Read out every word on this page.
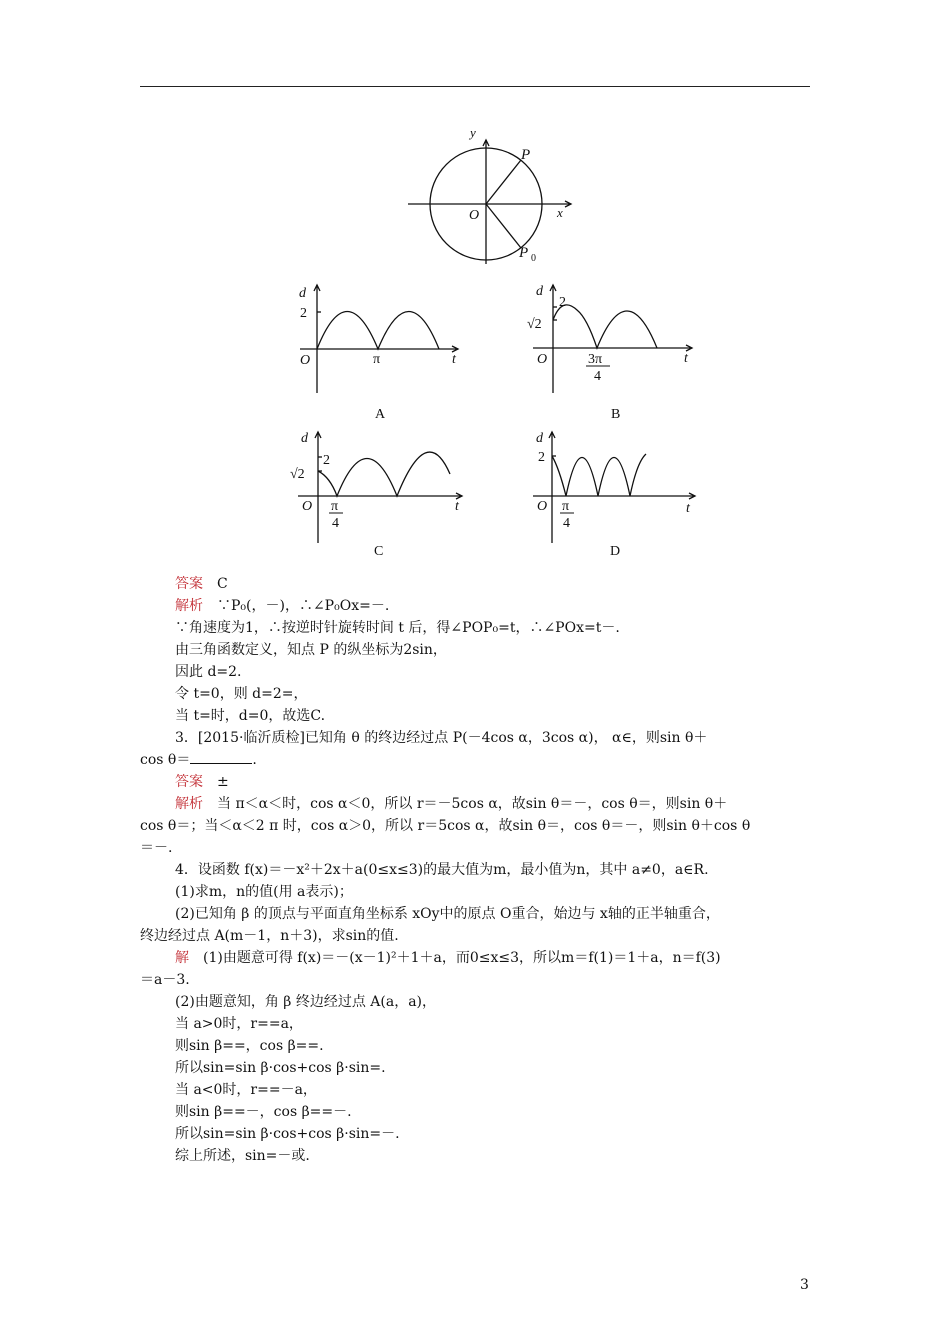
y
x
O
P
P 0
d
2
O	π	t
A
d
2
√2
O	3π
4
t
B
d
2
√2
O π
4
t
C
d
2
O π
4
t
D
答案　 C
解析　 ∵P₀(，－)，∴∠P₀Ox=－.
∵角速度为1，∴按逆时针旋转时间 t 后，得∠POP₀=t，∴∠POx=t－.
由三角函数定义，知点 P 的纵坐标为2sin，
因此 d=2.
令 t=0，则 d=2=，
当 t=时，d=0，故选C.
3．[2015·临沂质检]已知角 θ 的终边经过点 P(－4cos α，3cos α)， α∈，则sin θ＋
cos θ＝	.
答案　 ±
解析　 当 π＜α＜时，cos α＜0，所以 r＝－5cos α，故sin θ＝－，cos θ＝，则sin θ＋
cos θ＝；当＜α＜2 π 时，cos α＞0，所以 r＝5cos α，故sin θ＝，cos θ＝－，则sin θ＋cos θ
＝－.
4．设函数 f(x)＝－x²＋2x＋a(0≤x≤3)的最大值为m，最小值为n，其中 a≠0，a∈R.
(1)求m，n的值(用 a表示)；
(2)已知角 β 的顶点与平面直角坐标系 xOy中的原点 O重合，始边与 x轴的正半轴重合，
终边经过点 A(m－1，n＋3)，求sin的值.
解　 (1)由题意可得 f(x)＝－(x－1)²＋1＋a，而0≤x≤3，所以m＝f(1)＝1＋a，n＝f(3)
＝a－3.
(2)由题意知，角 β 终边经过点 A(a，a)，
当 a>0时，r==a，
则sin β==，cos β==.
所以sin=sin β·cos+cos β·sin=.
当 a<0时，r==－a，
则sin β==－，cos β==－.
所以sin=sin β·cos+cos β·sin=－.
综上所述，sin=－或.
3
